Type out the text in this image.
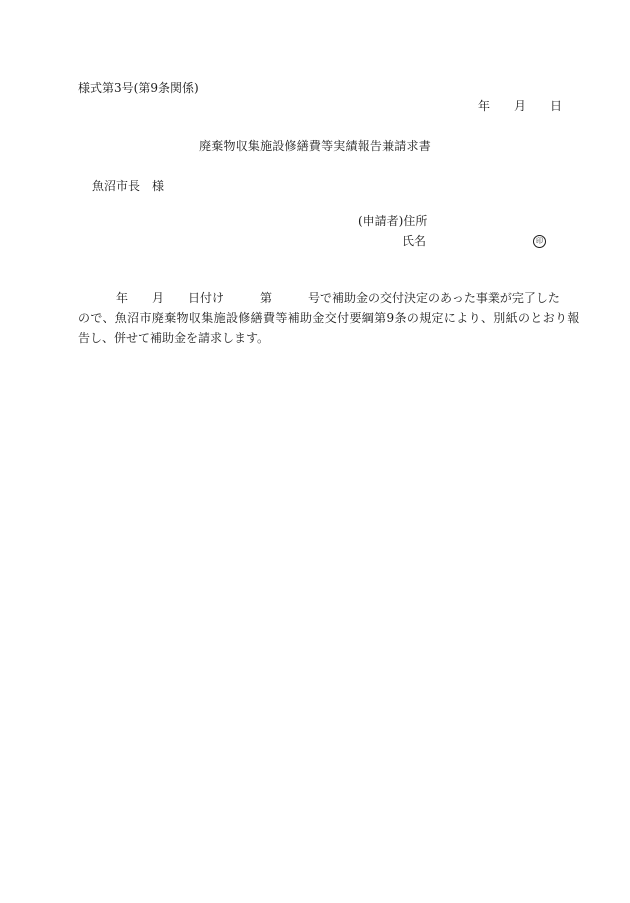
様式第3号(第9条関係)
年 月 日
廃棄物収集施設修繕費等実績報告兼請求書
魚沼市長　様
(申請者)住所
氏名	印
年 月 日付け	第	号で補助金の交付決定のあった事業が完了した
ので、魚沼市廃棄物収集施設修繕費等補助金交付要綱第9条の規定により、別紙のとおり報
告し、併せて補助金を請求します。
